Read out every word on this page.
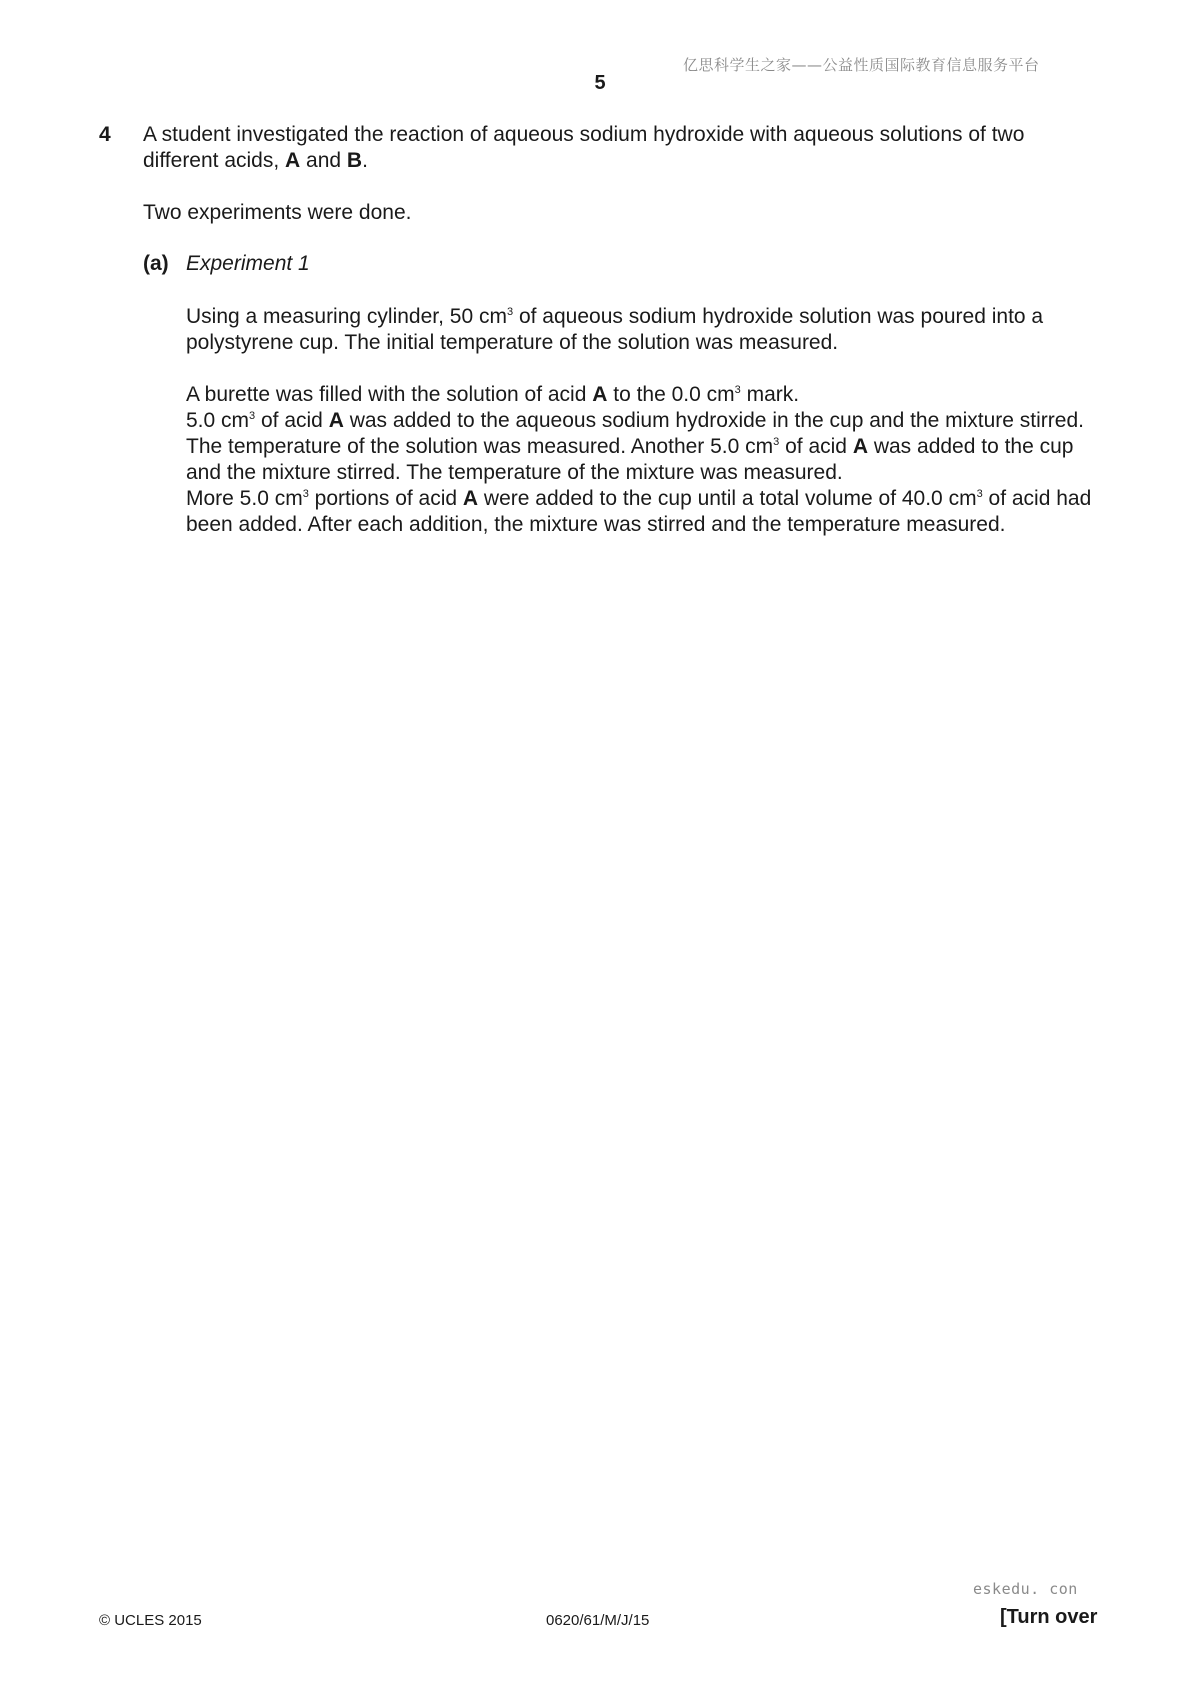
亿思科学生之家——公益性质国际教育信息服务平台
5
4 A student investigated the reaction of aqueous sodium hydroxide with aqueous solutions of two different acids, A and B.
Two experiments were done.
(a) Experiment 1
Using a measuring cylinder, 50 $cm^3$ of aqueous sodium hydroxide solution was poured into a polystyrene cup. The initial temperature of the solution was measured.
A burette was filled with the solution of acid A to the 0.0 $cm^3$ mark.
5.0 $cm^3$ of acid A was added to the aqueous sodium hydroxide in the cup and the mixture stirred.
The temperature of the solution was measured. Another 5.0 $cm^3$ of acid A was added to the cup and the mixture stirred. The temperature of the mixture was measured.
More 5.0 $cm^3$ portions of acid A were added to the cup until a total volume of 40.0 $cm^3$ of acid had been added. After each addition, the mixture was stirred and the temperature measured.
eskedu. con
© UCLES 2015	0620/61/M/J/15	[Turn over
